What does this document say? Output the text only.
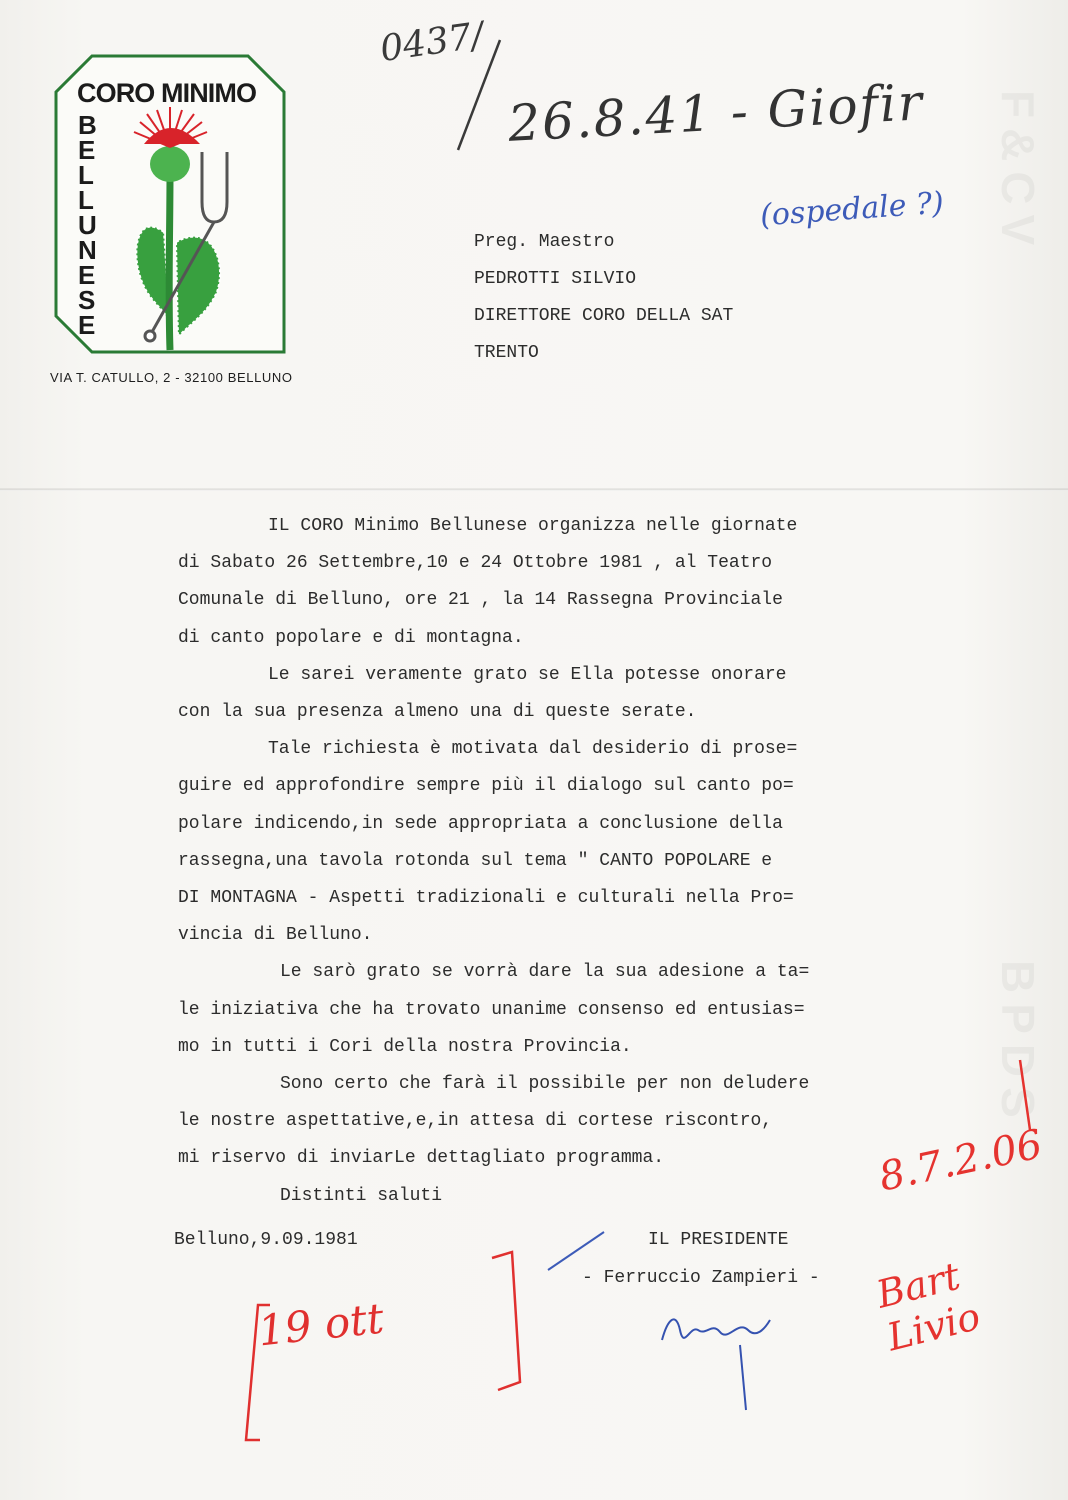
CORO MINIMO
B
E
L
L
U
N
E
S
E
VIA T. CATULLO, 2 - 32100 BELLUNO
0437/
26.8.41 - Giofir
(ospedale ?)
Preg. Maestro
PEDROTTI SILVIO
DIRETTORE CORO DELLA SAT
TRENTO
IL CORO Minimo Bellunese organizza nelle giornate
di Sabato 26 Settembre,10 e 24 Ottobre 1981 , al Teatro
Comunale di Belluno, ore 21 , la 14 Rassegna Provinciale
di canto popolare e di montagna.
Le sarei veramente grato se Ella potesse onorare
con la sua presenza almeno una di queste serate.
Tale richiesta è motivata dal desiderio di prose=
guire ed approfondire sempre più il dialogo sul canto po=
polare indicendo,in sede appropriata a conclusione della
rassegna,una tavola rotonda sul tema " CANTO POPOLARE e
DI MONTAGNA - Aspetti tradizionali e culturali nella Pro=
vincia di Belluno.
Le sarò grato se vorrà dare la sua adesione a ta=
le iniziativa che ha trovato unanime consenso ed entusias=
mo in tutti i Cori della nostra Provincia.
Sono certo che farà il possibile per non deludere
le nostre aspettative,e,in attesa di cortese riscontro,
mi riservo di inviarLe dettagliato programma.
Distinti saluti
Belluno,9.09.1981	IL PRESIDENTE
- Ferruccio Zampieri -
19 ott
8.7.2.06
Bart Livio
